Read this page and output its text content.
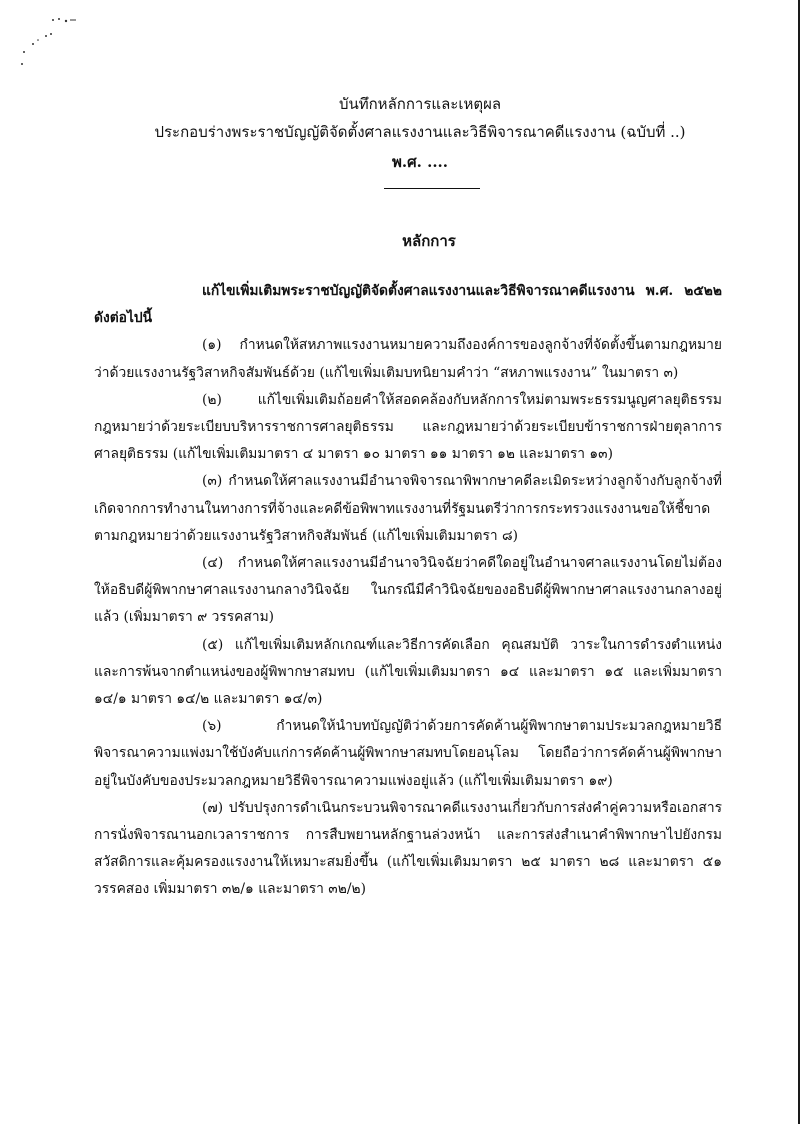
บันทึกหลักการและเหตุผล
ประกอบร่างพระราชบัญญัติจัดตั้งศาลแรงงานและวิธีพิจารณาคดีแรงงาน (ฉบับที่ ..)
พ.ศ. ....
หลักการ

แก้ไขเพิ่มเติมพระราชบัญญัติจัดตั้งศาลแรงงานและวิธีพิจารณาคดีแรงงาน พ.ศ. ๒๕๒๒ ดังต่อไปนี้

(๑) กำหนดให้สหภาพแรงงานหมายความถึงองค์การของลูกจ้างที่จัดตั้งขึ้นตามกฎหมายว่าด้วยแรงงานรัฐวิสาหกิจสัมพันธ์ด้วย (แก้ไขเพิ่มเติมบทนิยามคำว่า “สหภาพแรงงาน” ในมาตรา ๓)

(๒) แก้ไขเพิ่มเติมถ้อยคำให้สอดคล้องกับหลักการใหม่ตามพระธรรมนูญศาลยุติธรรม กฎหมายว่าด้วยระเบียบบริหารราชการศาลยุติธรรม และกฎหมายว่าด้วยระเบียบข้าราชการฝ่ายตุลาการศาลยุติธรรม (แก้ไขเพิ่มเติมมาตรา ๔ มาตรา ๑๐ มาตรา ๑๑ มาตรา ๑๒ และมาตรา ๑๓)

(๓) กำหนดให้ศาลแรงงานมีอำนาจพิจารณาพิพากษาคดีละเมิดระหว่างลูกจ้างกับลูกจ้างที่เกิดจากการทำงานในทางการที่จ้างและคดีข้อพิพาทแรงงานที่รัฐมนตรีว่าการกระทรวงแรงงานขอให้ชี้ขาดตามกฎหมายว่าด้วยแรงงานรัฐวิสาหกิจสัมพันธ์ (แก้ไขเพิ่มเติมมาตรา ๘)

(๔) กำหนดให้ศาลแรงงานมีอำนาจวินิจฉัยว่าคดีใดอยู่ในอำนาจศาลแรงงานโดยไม่ต้องให้อธิบดีผู้พิพากษาศาลแรงงานกลางวินิจฉัย ในกรณีมีคำวินิจฉัยของอธิบดีผู้พิพากษาศาลแรงงานกลางอยู่แล้ว (เพิ่มมาตรา ๙ วรรคสาม)

(๕) แก้ไขเพิ่มเติมหลักเกณฑ์และวิธีการคัดเลือก คุณสมบัติ วาระในการดำรงตำแหน่งและการพ้นจากตำแหน่งของผู้พิพากษาสมทบ (แก้ไขเพิ่มเติมมาตรา ๑๔ และมาตรา ๑๕ และเพิ่มมาตรา ๑๔/๑ มาตรา ๑๔/๒ และมาตรา ๑๔/๓)

(๖) กำหนดให้นำบทบัญญัติว่าด้วยการคัดค้านผู้พิพากษาตามประมวลกฎหมายวิธีพิจารณาความแพ่งมาใช้บังคับแก่การคัดค้านผู้พิพากษาสมทบโดยอนุโลม โดยถือว่าการคัดค้านผู้พิพากษาอยู่ในบังคับของประมวลกฎหมายวิธีพิจารณาความแพ่งอยู่แล้ว (แก้ไขเพิ่มเติมมาตรา ๑๙)

(๗) ปรับปรุงการดำเนินกระบวนพิจารณาคดีแรงงานเกี่ยวกับการส่งคำคู่ความหรือเอกสารการนั่งพิจารณานอกเวลาราชการ การสืบพยานหลักฐานล่วงหน้า และการส่งสำเนาคำพิพากษาไปยังกรมสวัสดิการและคุ้มครองแรงงานให้เหมาะสมยิ่งขึ้น (แก้ไขเพิ่มเติมมาตรา ๒๕ มาตรา ๒๘ และมาตรา ๕๑ วรรคสอง เพิ่มมาตรา ๓๒/๑ และมาตรา ๓๒/๒)
